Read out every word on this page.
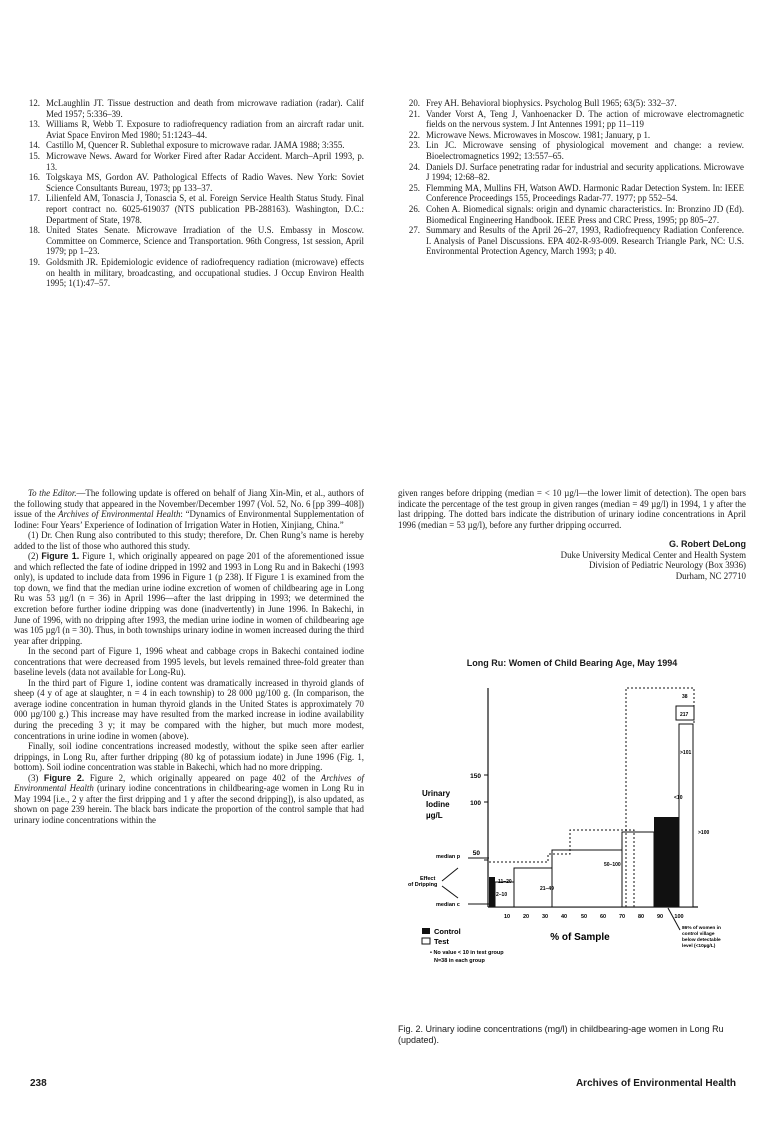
12. McLaughlin JT. Tissue destruction and death from microwave radiation (radar). Calif Med 1957; 5:336–39.
13. Williams R, Webb T. Exposure to radiofrequency radiation from an aircraft radar unit. Aviat Space Environ Med 1980; 51:1243–44.
14. Castillo M, Quencer R. Sublethal exposure to microwave radar. JAMA 1988; 3:355.
15. Microwave News. Award for Worker Fired after Radar Accident. March–April 1993, p. 13.
16. Tolgskaya MS, Gordon AV. Pathological Effects of Radio Waves. New York: Soviet Science Consultants Bureau, 1973; pp 133–37.
17. Lilienfeld AM, Tonascia J, Tonascia S, et al. Foreign Service Health Status Study. Final report contract no. 6025-619037 (NTS publication PB-288163). Washington, D.C.: Department of State, 1978.
18. United States Senate. Microwave Irradiation of the U.S. Embassy in Moscow. Committee on Commerce, Science and Transportation. 96th Congress, 1st session, April 1979; pp 1–23.
19. Goldsmith JR. Epidemiologic evidence of radiofrequency radiation (microwave) effects on health in military, broadcasting, and occupational studies. J Occup Environ Health 1995; 1(1):47–57.
20. Frey AH. Behavioral biophysics. Psycholog Bull 1965; 63(5): 332–37.
21. Vander Vorst A, Teng J, Vanhoenacker D. The action of microwave electromagnetic fields on the nervous system. J Int Antennes 1991; pp 11–119
22. Microwave News. Microwaves in Moscow. 1981; January, p 1.
23. Lin JC. Microwave sensing of physiological movement and change: a review. Bioelectromagnetics 1992; 13:557–65.
24. Daniels DJ. Surface penetrating radar for industrial and security applications. Microwave J 1994; 12:68–82.
25. Flemming MA, Mullins FH, Watson AWD. Harmonic Radar Detection System. In: IEEE Conference Proceedings 155, Proceedings Radar-77. 1977; pp 552–54.
26. Cohen A. Biomedical signals: origin and dynamic characteristics. In: Bronzino JD (Ed). Biomedical Engineering Handbook. IEEE Press and CRC Press, 1995; pp 805–27.
27. Summary and Results of the April 26–27, 1993, Radiofrequency Radiation Conference. I. Analysis of Panel Discussions. EPA 402-R-93-009. Research Triangle Park, NC: U.S. Environmental Protection Agency, March 1993; p 40.

To the Editor.—The following update is offered on behalf of Jiang Xin-Min, et al., authors of the following study that appeared in the November/December 1997 (Vol. 52, No. 6 [pp 399–408]) issue of the Archives of Environmental Health: “Dynamics of Environmental Supplementation of Iodine: Four Years’ Experience of Iodination of Irrigation Water in Hotien, Xinjiang, China.”

(1) Dr. Chen Rung also contributed to this study; therefore, Dr. Chen Rung’s name is hereby added to the list of those who authored this study.

(2) Figure 1. Figure 1, which originally appeared on page 201 of the aforementioned issue and which reflected the fate of iodine dripped in 1992 and 1993 in Long Ru and in Bakechi (1993 only), is updated to include data from 1996 in Figure 1 (p 238). If Figure 1 is examined from the top down, we find that the median urine iodine excretion of women of childbearing age in Long Ru was 53 µg/l (n = 36) in April 1996—after the last dripping in 1993; we determined the excretion before further iodine dripping was done (inadvertently) in June 1996. In Bakechi, in June of 1996, with no dripping after 1993, the median urine iodine in women of childbearing age was 105 µg/l (n = 30). Thus, in both townships urinary iodine in women increased during the third year after dripping.

In the second part of Figure 1, 1996 wheat and cabbage crops in Bakechi contained iodine concentrations that were decreased from 1995 levels, but levels remained three-fold greater than baseline levels (data not available for Long-Ru).

In the third part of Figure 1, iodine content was dramatically increased in thyroid glands of sheep (4 y of age at slaughter, n = 4 in each township) to 28 000 µg/100 g. (In comparison, the average iodine concentration in human thyroid glands in the United States is approximately 70 000 µg/100 g.) This increase may have resulted from the marked increase in iodine availability during the preceding 3 y; it may be compared with the higher, but much more modest, concentrations in urine iodine in women (above).

Finally, soil iodine concentrations increased modestly, without the spike seen after earlier drippings, in Long Ru, after further dripping (80 kg of potassium iodate) in June 1996 (Fig. 1, bottom). Soil iodine concentration was stable in Bakechi, which had no more dripping.

(3) Figure 2. Figure 2, which originally appeared on page 402 of the Archives of Environmental Health (urinary iodine concentrations in childbearing-age women in Long Ru in May 1994 [i.e., 2 y after the first dripping and 1 y after the second dripping]), is also updated, as shown on page 239 herein. The black bars indicate the proportion of the control sample that had urinary iodine concentrations within the

given ranges before dripping (median = < 10 µg/l—the lower limit of detection). The open bars indicate the percentage of the test group in given ranges (median = 49 µg/l) in 1994, 1 y after the last dripping. The dotted bars indicate the distribution of urinary iodine concentrations in April 1996 (median = 53 µg/l), before any further dripping occurred.

G. Robert DeLong
Duke University Medical Center and Health System
Division of Pediatric Neurology (Box 3936)
Durham, NC 27710
Long Ru: Women of Child Bearing Age, May 1994
150
100
50
Urinary
Iodine
µg/L
median p
Effect
of Dripping
median c
2–10
11–20
21–49
50–100
>100
>101
217
<10
38
10 20 30 40	50 60 70 80 90 100
% of Sample
Control
Test
• No value < 10 in test group
N=38 in each group
86% of women in
control village
below detectable
level (<10µg/L)
Fig. 2. Urinary iodine concentrations (mg/l) in childbearing-age women in Long Ru (updated).
238	Archives of Environmental Health
